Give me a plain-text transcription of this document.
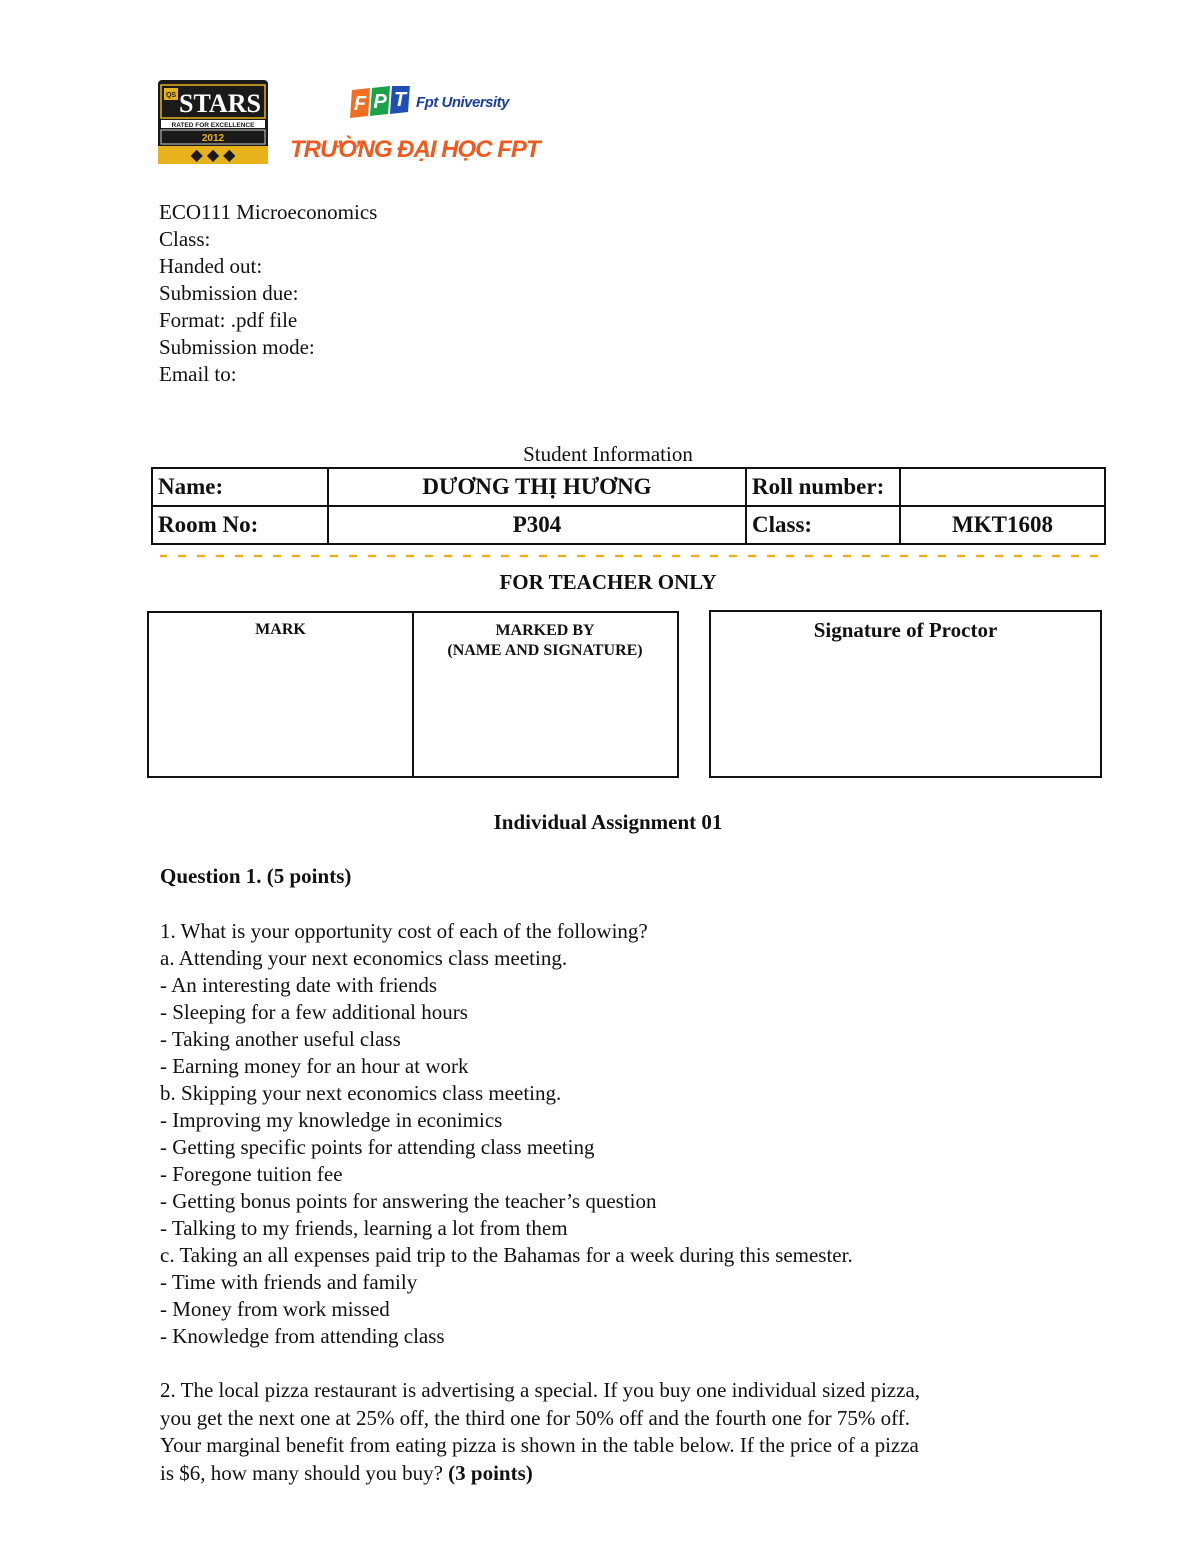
QS STARS
RATED FOR EXCELLENCE
2012
◆ ◆ ◆
F P T Fpt University
TRƯỜNG ĐẠI HỌC FPT
ECO111 Microeconomics
Class:
Handed out:
Submission due:
Format: .pdf file
Submission mode:
Email to:
Student Information
Name:	DƯƠNG THỊ HƯƠNG	Roll number:	
Room No:	P304	Class:	MKT1608
FOR TEACHER ONLY
MARK	MARKED BY
(NAME AND SIGNATURE)
Signature of Proctor
Individual Assignment 01
Question 1. (5 points)
1. What is your opportunity cost of each of the following?
a. Attending your next economics class meeting.
- An interesting date with friends
- Sleeping for a few additional hours
- Taking another useful class
- Earning money for an hour at work
b. Skipping your next economics class meeting.
- Improving my knowledge in econimics
- Getting specific points for attending class meeting
- Foregone tuition fee
- Getting bonus points for answering the teacher’s question
- Talking to my friends, learning a lot from them
c. Taking an all expenses paid trip to the Bahamas for a week during this semester.
- Time with friends and family
- Money from work missed
- Knowledge from attending class
2. The local pizza restaurant is advertising a special. If you buy one individual sized pizza,
you get the next one at 25% off, the third one for 50% off and the fourth one for 75% off.
Your marginal benefit from eating pizza is shown in the table below. If the price of a pizza
is $6, how many should you buy? (3 points)
